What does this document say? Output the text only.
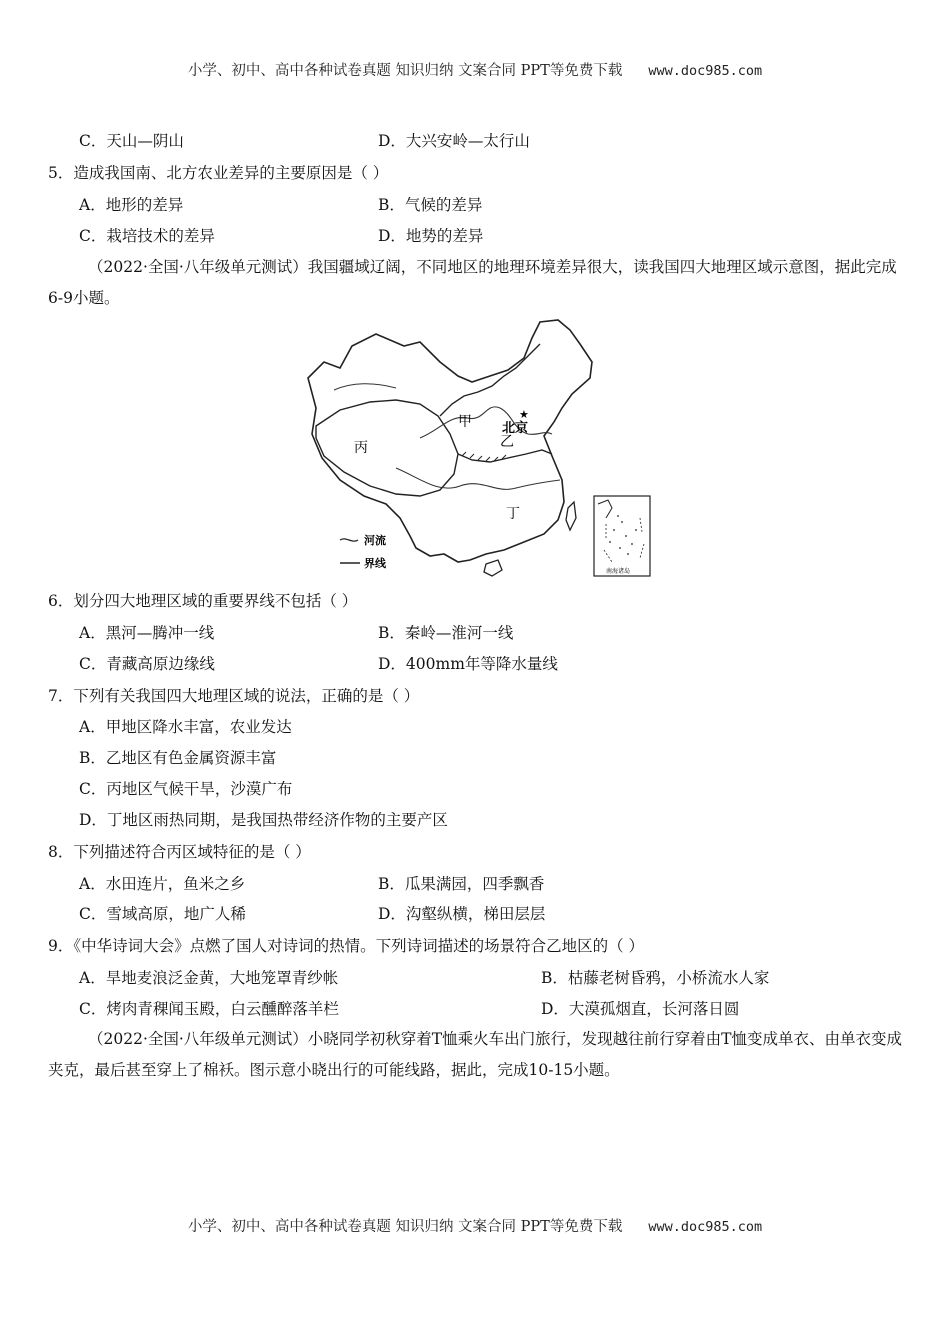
小学、初中、高中各种试卷真题 知识归纳 文案合同 PPT等免费下载 www.doc985.com
C．天山—阴山	D．大兴安岭—太行山
5．造成我国南、北方农业差异的主要原因是（ ）
A．地形的差异	B．气候的差异
C．栽培技术的差异	D．地势的差异
（2022·全国·八年级单元测试）我国疆域辽阔，不同地区的地理环境差异很大，读我国四大地理区域示意图，据此完成6-9小题。
甲
乙
丙
丁
★
北京
河流
界线
南海诸岛
6．划分四大地理区域的重要界线不包括（ ）
A．黑河—腾冲一线	B．秦岭—淮河一线
C．青藏高原边缘线	D．400mm年等降水量线
7．下列有关我国四大地理区域的说法，正确的是（ ）
A．甲地区降水丰富，农业发达
B．乙地区有色金属资源丰富
C．丙地区气候干旱，沙漠广布
D．丁地区雨热同期，是我国热带经济作物的主要产区
8．下列描述符合丙区域特征的是（ ）
A．水田连片，鱼米之乡	B．瓜果满园，四季飘香
C．雪域高原，地广人稀	D．沟壑纵横，梯田层层
9．《中华诗词大会》点燃了国人对诗词的热情。下列诗词描述的场景符合乙地区的（ ）
A．旱地麦浪泛金黄，大地笼罩青纱帐	B．枯藤老树昏鸦，小桥流水人家
C．烤肉青稞闻玉殿，白云醺醉落羊栏	D．大漠孤烟直，长河落日圆
（2022·全国·八年级单元测试）小晓同学初秋穿着T恤乘火车出门旅行，发现越往前行穿着由T恤变成单衣、由单衣变成夹克，最后甚至穿上了棉袄。图示意小晓出行的可能线路，据此，完成10-15小题。
小学、初中、高中各种试卷真题 知识归纳 文案合同 PPT等免费下载 www.doc985.com
